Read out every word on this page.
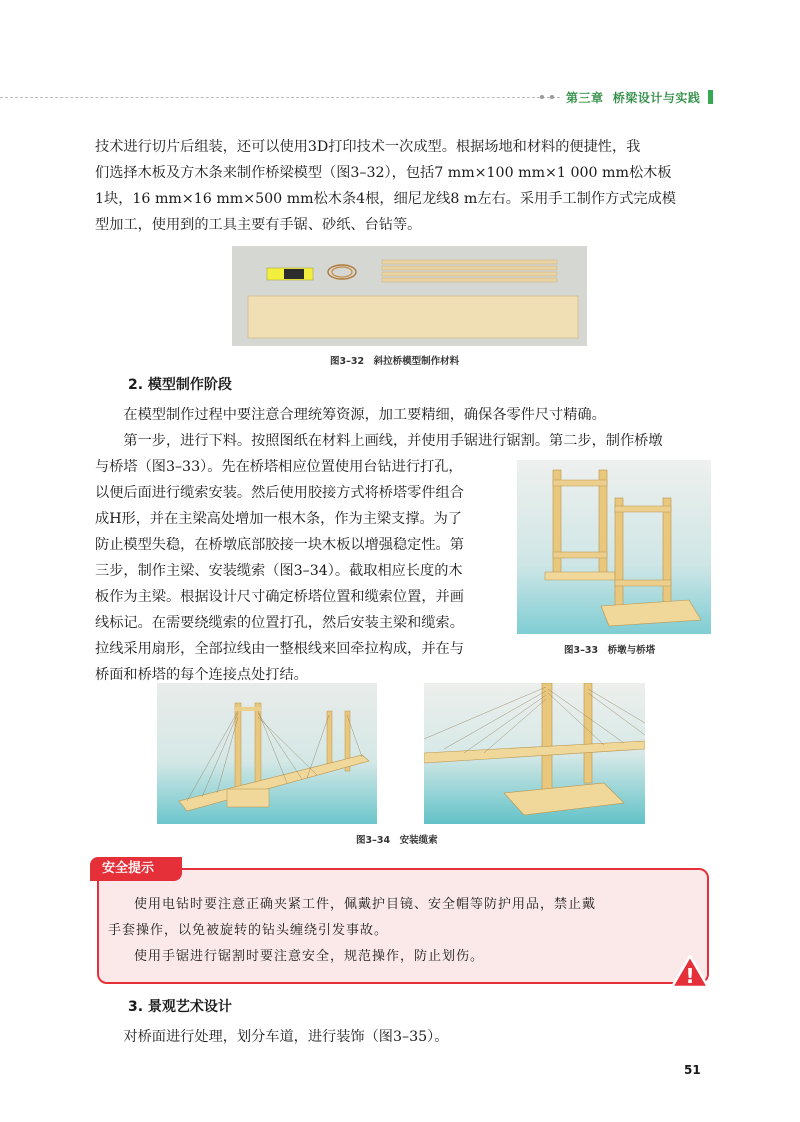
第三章 桥梁设计与实践

技术进行切片后组装，还可以使用3D打印技术一次成型。根据场地和材料的便捷性，我

们选择木板及方木条来制作桥梁模型（图3–32），包括7 mm×100 mm×1 000 mm松木板

1块，16 mm×16 mm×500 mm松木条4根，细尼龙线8 m左右。采用手工制作方式完成模

型加工，使用到的工具主要有手锯、砂纸、台钻等。

图3–32　斜拉桥模型制作材料

2. 模型制作阶段

在模型制作过程中要注意合理统筹资源，加工要精细，确保各零件尺寸精确。

第一步，进行下料。按照图纸在材料上画线，并使用手锯进行锯割。第二步，制作桥墩

与桥塔（图3–33）。先在桥塔相应位置使用台钻进行打孔，

以便后面进行缆索安装。然后使用胶接方式将桥塔零件组合

成H形，并在主梁高处增加一根木条，作为主梁支撑。为了

防止模型失稳，在桥墩底部胶接一块木板以增强稳定性。第

三步，制作主梁、安装缆索（图3–34）。截取相应长度的木

板作为主梁。根据设计尺寸确定桥塔位置和缆索位置，并画

线标记。在需要绕缆索的位置打孔，然后安装主梁和缆索。

拉线采用扇形，全部拉线由一整根线来回牵拉构成，并在与

桥面和桥塔的每个连接点处打结。

图3–33　桥墩与桥塔

图3–34　安装缆索

安全提示

使用电钻时要注意正确夹紧工件，佩戴护目镜、安全帽等防护用品，禁止戴

手套操作，以免被旋转的钻头缠绕引发事故。

使用手锯进行锯割时要注意安全，规范操作，防止划伤。

!

3. 景观艺术设计

对桥面进行处理，划分车道，进行装饰（图3–35）。

51
